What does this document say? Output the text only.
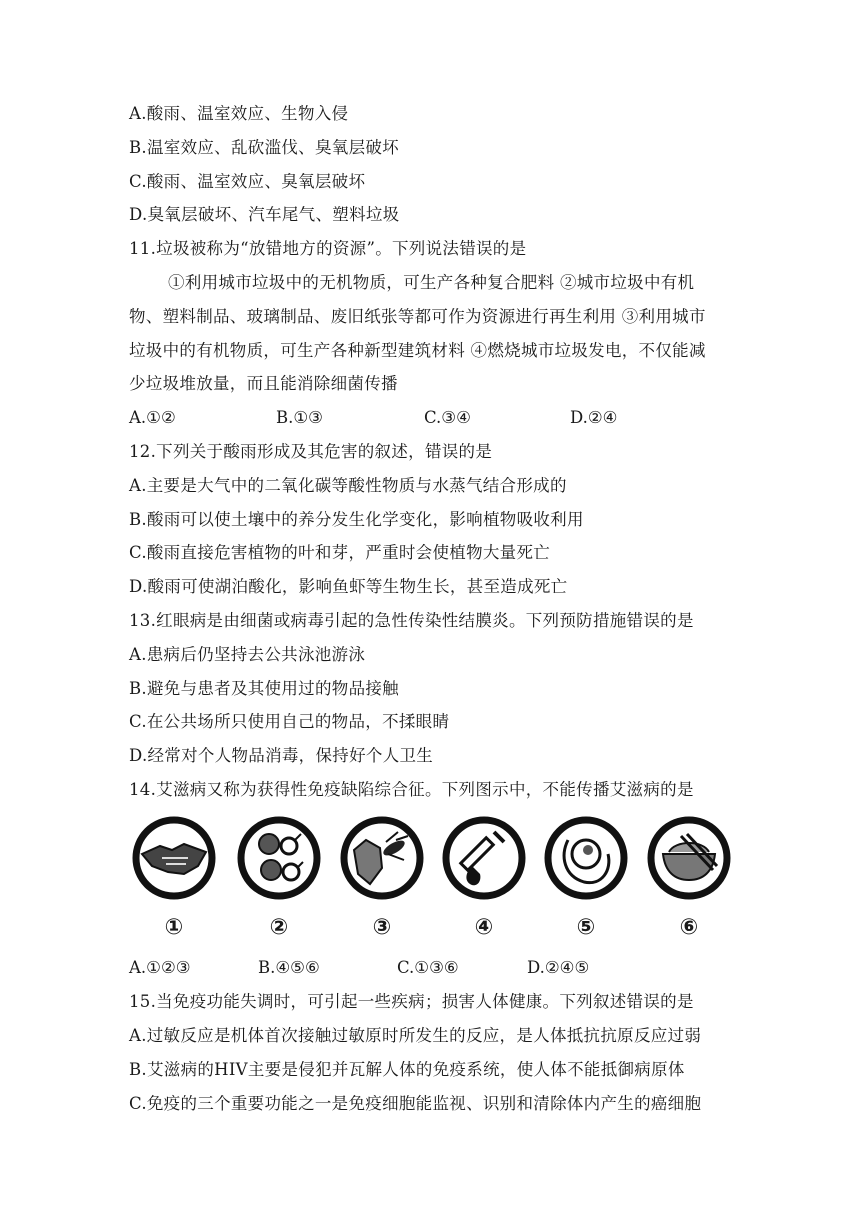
A.酸雨、温室效应、生物入侵
B.温室效应、乱砍滥伐、臭氧层破坏
C.酸雨、温室效应、臭氧层破坏
D.臭氧层破坏、汽车尾气、塑料垃圾
11.垃圾被称为“放错地方的资源”。下列说法错误的是
①利用城市垃圾中的无机物质，可生产各种复合肥料 ②城市垃圾中有机
物、塑料制品、玻璃制品、废旧纸张等都可作为资源进行再生利用 ③利用城市
垃圾中的有机物质，可生产各种新型建筑材料 ④燃烧城市垃圾发电，不仅能减
少垃圾堆放量，而且能消除细菌传播
A.①②	B.①③	C.③④	D.②④
12.下列关于酸雨形成及其危害的叙述，错误的是
A.主要是大气中的二氧化碳等酸性物质与水蒸气结合形成的
B.酸雨可以使土壤中的养分发生化学变化，影响植物吸收利用
C.酸雨直接危害植物的叶和芽，严重时会使植物大量死亡
D.酸雨可使湖泊酸化，影响鱼虾等生物生长，甚至造成死亡
13.红眼病是由细菌或病毒引起的急性传染性结膜炎。下列预防措施错误的是
A.患病后仍坚持去公共泳池游泳
B.避免与患者及其使用过的物品接触
C.在公共场所只使用自己的物品，不揉眼睛
D.经常对个人物品消毒，保持好个人卫生
14.艾滋病又称为获得性免疫缺陷综合征。下列图示中，不能传播艾滋病的是
①	②	③	④	⑤	⑥
A.①②③	B.④⑤⑥	C.①③⑥	D.②④⑤
15.当免疫功能失调时，可引起一些疾病；损害人体健康。下列叙述错误的是
A.过敏反应是机体首次接触过敏原时所发生的反应，是人体抵抗抗原反应过弱
B.艾滋病的HIV主要是侵犯并瓦解人体的免疫系统，使人体不能抵御病原体
C.免疫的三个重要功能之一是免疫细胞能监视、识别和清除体内产生的癌细胞
